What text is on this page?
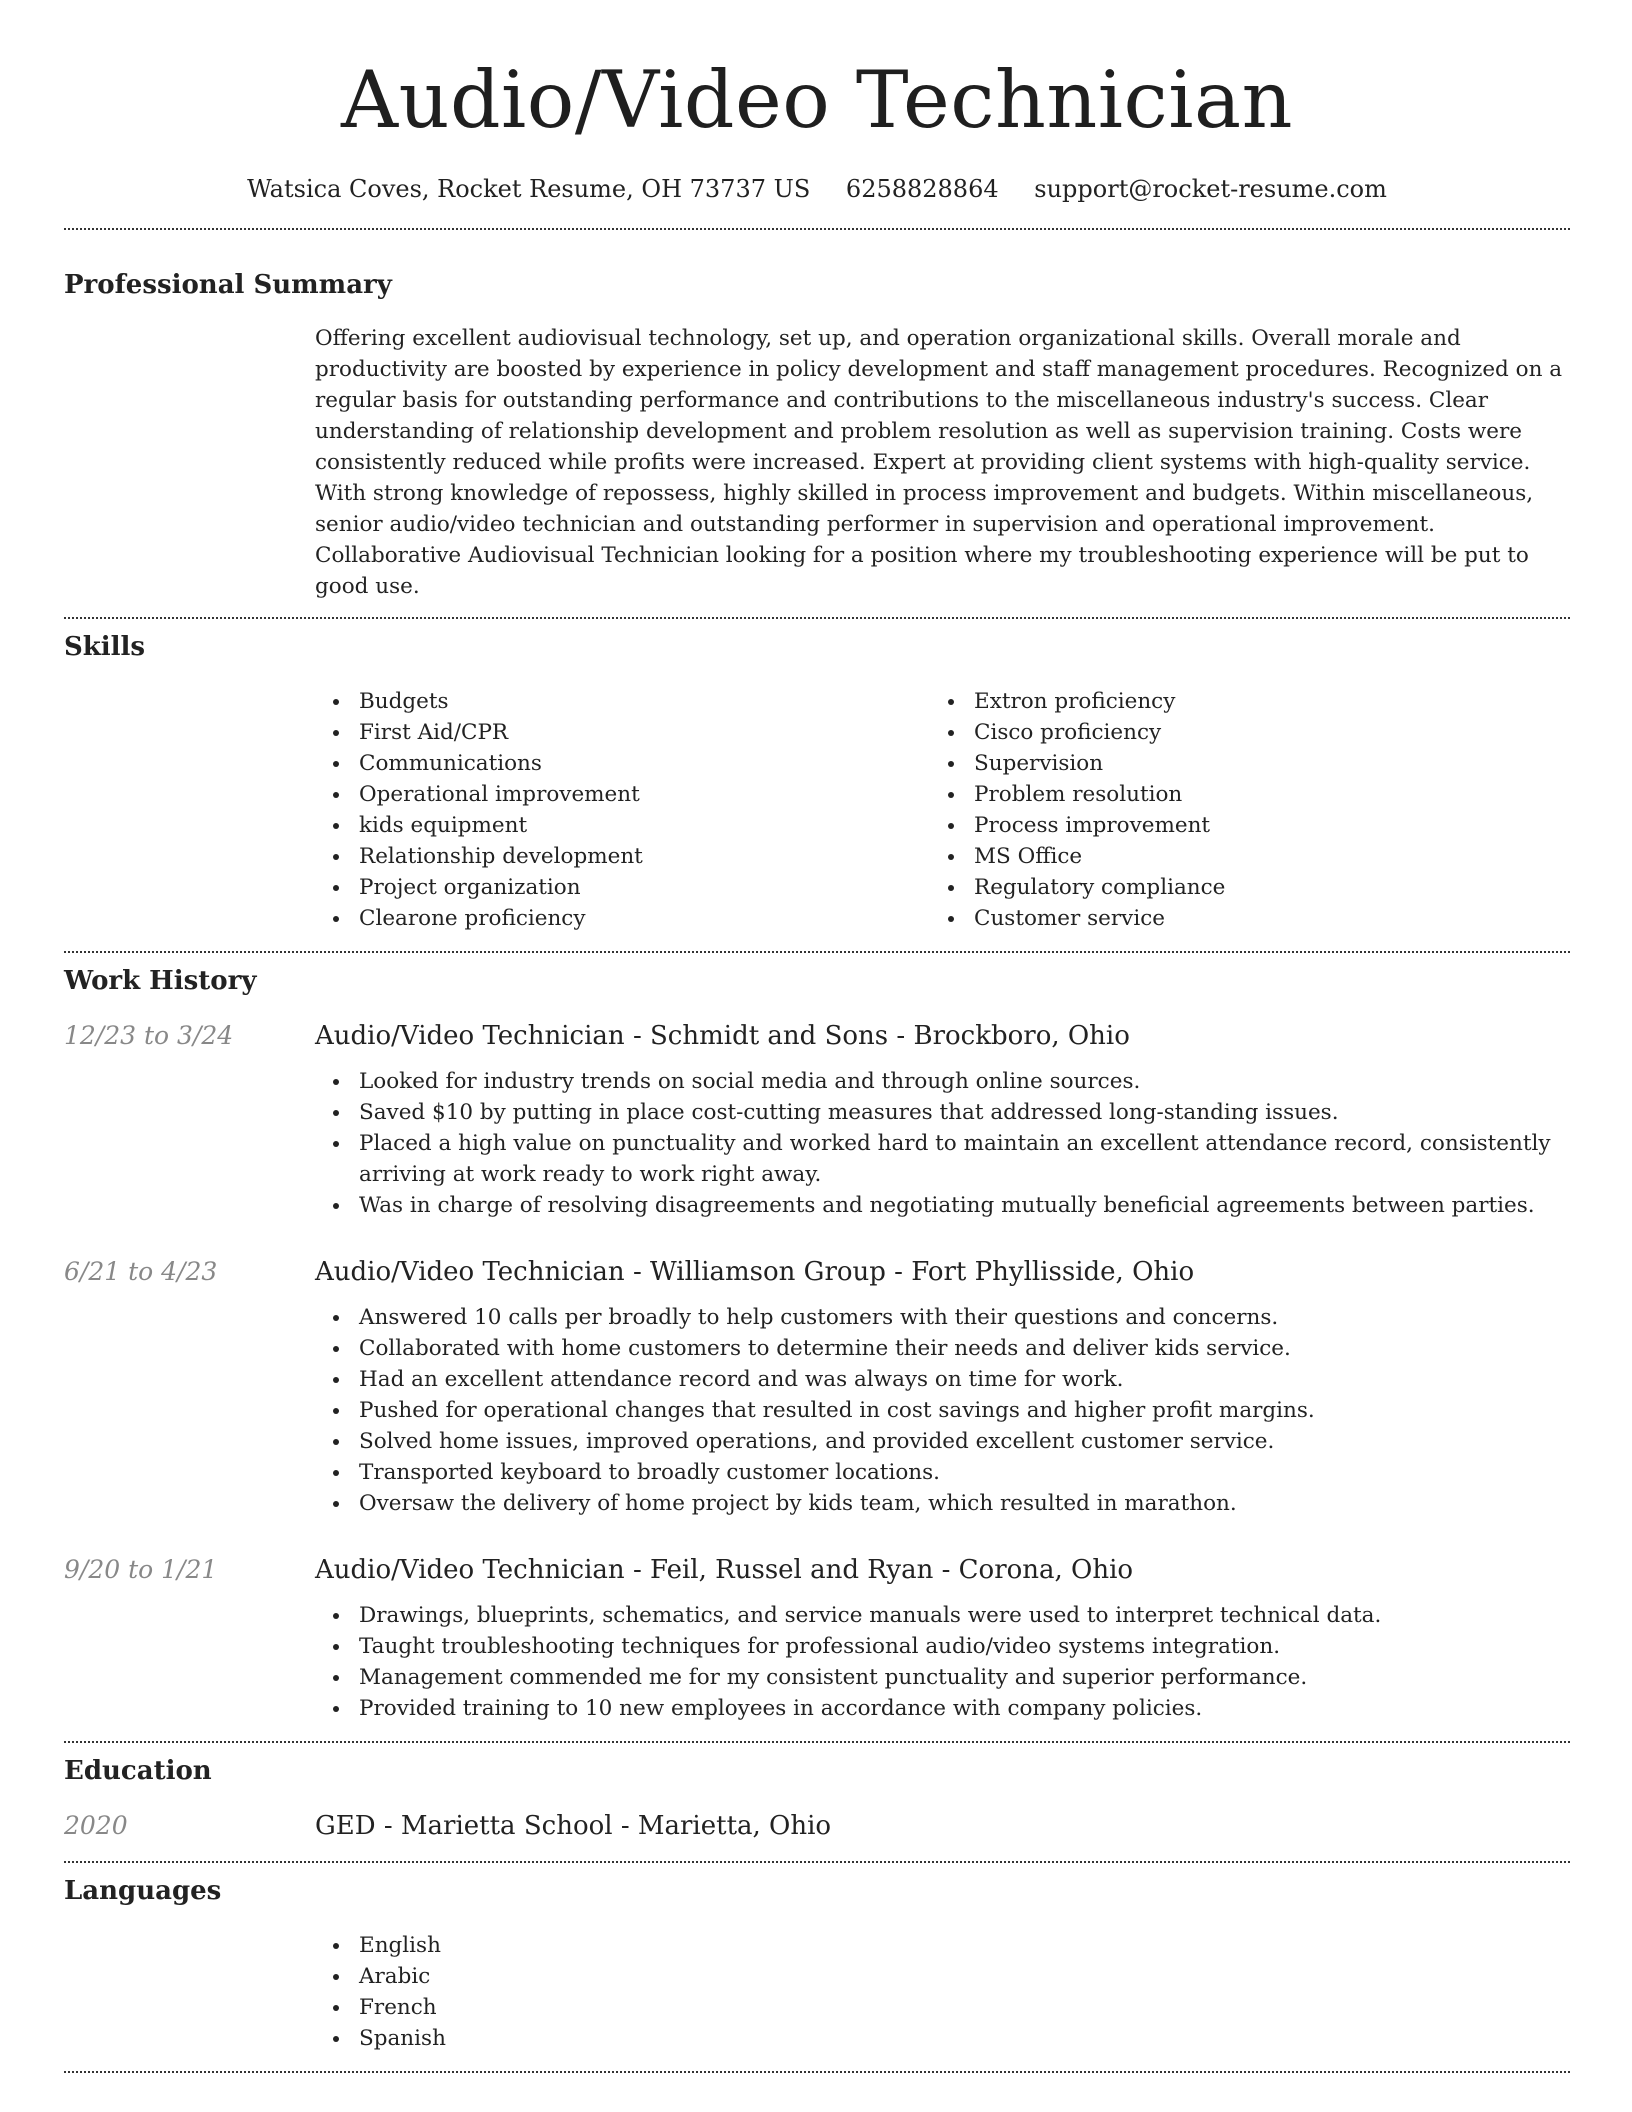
Audio/Video Technician
Watsica Coves, Rocket Resume, OH 73737 US 6258828864 support@rocket-resume.com
Professional Summary
Offering excellent audiovisual technology, set up, and operation organizational skills. Overall morale and productivity are boosted by experience in policy development and staff management procedures. Recognized on a regular basis for outstanding performance and contributions to the miscellaneous industry's success. Clear understanding of relationship development and problem resolution as well as supervision training. Costs were consistently reduced while profits were increased. Expert at providing client systems with high-quality service. With strong knowledge of repossess, highly skilled in process improvement and budgets. Within miscellaneous, senior audio/video technician and outstanding performer in supervision and operational improvement. Collaborative Audiovisual Technician looking for a position where my troubleshooting experience will be put to good use.
Skills
Budgets
First Aid/CPR
Communications
Operational improvement
kids equipment
Relationship development
Project organization
Clearone proficiency
Extron proficiency
Cisco proficiency
Supervision
Problem resolution
Process improvement
MS Office
Regulatory compliance
Customer service
Work History
12/23 to 3/24	Audio/Video Technician - Schmidt and Sons - Brockboro, Ohio
Looked for industry trends on social media and through online sources.
Saved $10 by putting in place cost-cutting measures that addressed long-standing issues.
Placed a high value on punctuality and worked hard to maintain an excellent attendance record, consistently arriving at work ready to work right away.
Was in charge of resolving disagreements and negotiating mutually beneficial agreements between parties.
6/21 to 4/23	Audio/Video Technician - Williamson Group - Fort Phyllisside, Ohio
Answered 10 calls per broadly to help customers with their questions and concerns.
Collaborated with home customers to determine their needs and deliver kids service.
Had an excellent attendance record and was always on time for work.
Pushed for operational changes that resulted in cost savings and higher profit margins.
Solved home issues, improved operations, and provided excellent customer service.
Transported keyboard to broadly customer locations.
Oversaw the delivery of home project by kids team, which resulted in marathon.
9/20 to 1/21	Audio/Video Technician - Feil, Russel and Ryan - Corona, Ohio
Drawings, blueprints, schematics, and service manuals were used to interpret technical data.
Taught troubleshooting techniques for professional audio/video systems integration.
Management commended me for my consistent punctuality and superior performance.
Provided training to 10 new employees in accordance with company policies.
Education
2020	GED - Marietta School - Marietta, Ohio
Languages
English
Arabic
French
Spanish
